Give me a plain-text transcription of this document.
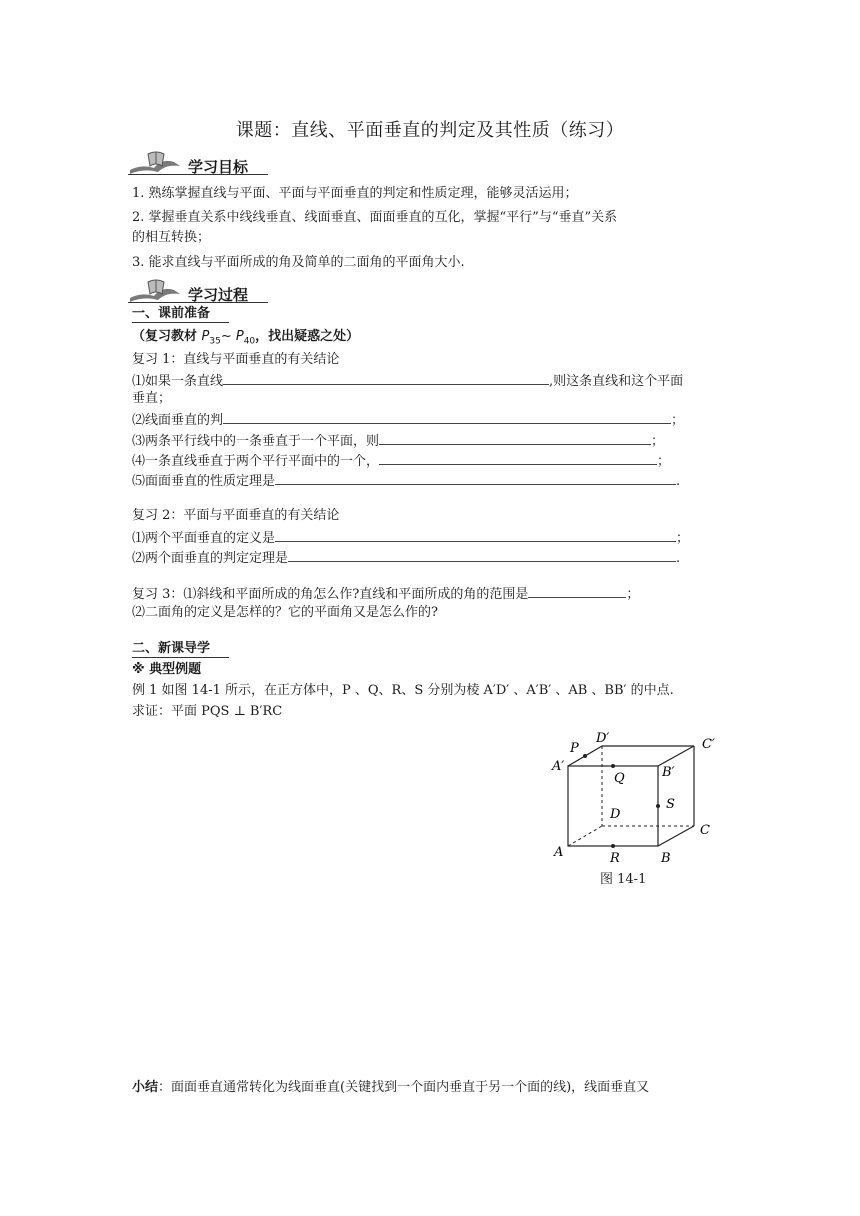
课题：直线、平面垂直的判定及其性质（练习）
学习目标
1. 熟练掌握直线与平面、平面与平面垂直的判定和性质定理，能够灵活运用；
2. 掌握垂直关系中线线垂直、线面垂直、面面垂直的互化，掌握“平行”与“垂直”关系
的相互转换；
3. 能求直线与平面所成的角及简单的二面角的平面角大小.
学习过程
一、课前准备
（复习教材 $P_{35}\sim$ $P_{40}$，找出疑惑之处）
复习 1：直线与平面垂直的有关结论
⑴如果一条直线	,则这条直线和这个平面
垂直；
⑵线面垂直的判	；
⑶两条平行线中的一条垂直于一个平面，则	；
⑷一条直线垂直于两个平行平面中的一个，	；
⑸面面垂直的性质定理是	.
复习 2：平面与平面垂直的有关结论
⑴两个平面垂直的定义是	；
⑵两个面垂直的判定定理是	.
复习 3：⑴斜线和平面所成的角怎么作?直线和平面所成的角的范围是	；
⑵二面角的定义是怎样的？它的平面角又是怎么作的?
二、新课导学
※ 典型例题
例 1 如图 14-1 所示，在正方体中，P 、Q、R、S 分别为棱 A′D′ 、A′B′ 、AB 、BB′ 的中点.
求证：平面 PQS ⊥ B′RC
P
D′	C′
A′
Q	B′
D
S
C
A	R	B
图 14-1
小结：面面垂直通常转化为线面垂直(关键找到一个面内垂直于另一个面的线)，线面垂直又
